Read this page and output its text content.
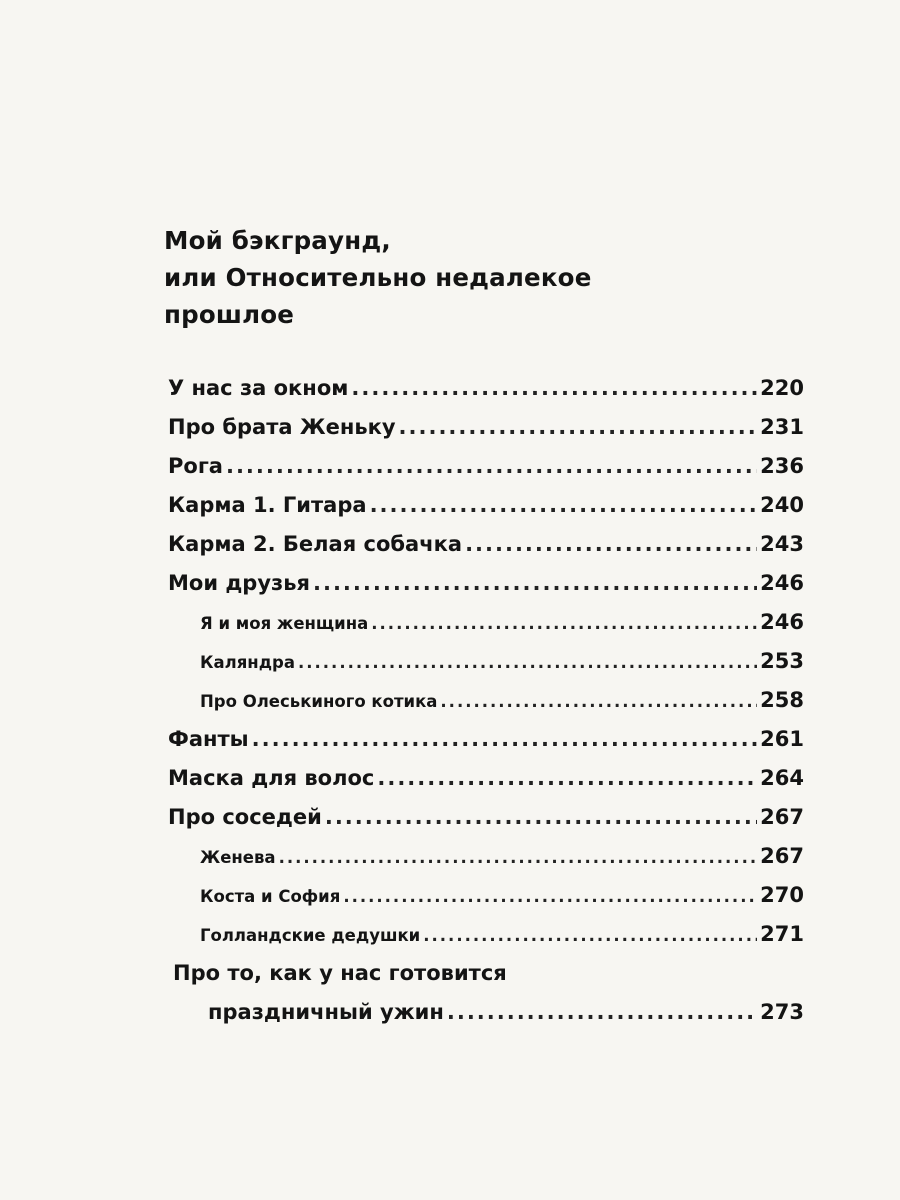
Мой бэкграунд,
или Относительно недалекое
прошлое
У нас за окном .....	220
Про брата Женьку .....	231
Рога .....	236
Карма 1. Гитара .....	240
Карма 2. Белая собачка .....	243
Мои друзья .....	246
Я и моя женщина .....	246
Каляндра .....	253
Про Олеськиного котика .....	258
Фанты .....	261
Маска для волос .....	264
Про соседей .....	267
Женева .....	267
Коста и София .....	270
Голландские дедушки .....	271
Про то, как у нас готовится
праздничный ужин .....	273
